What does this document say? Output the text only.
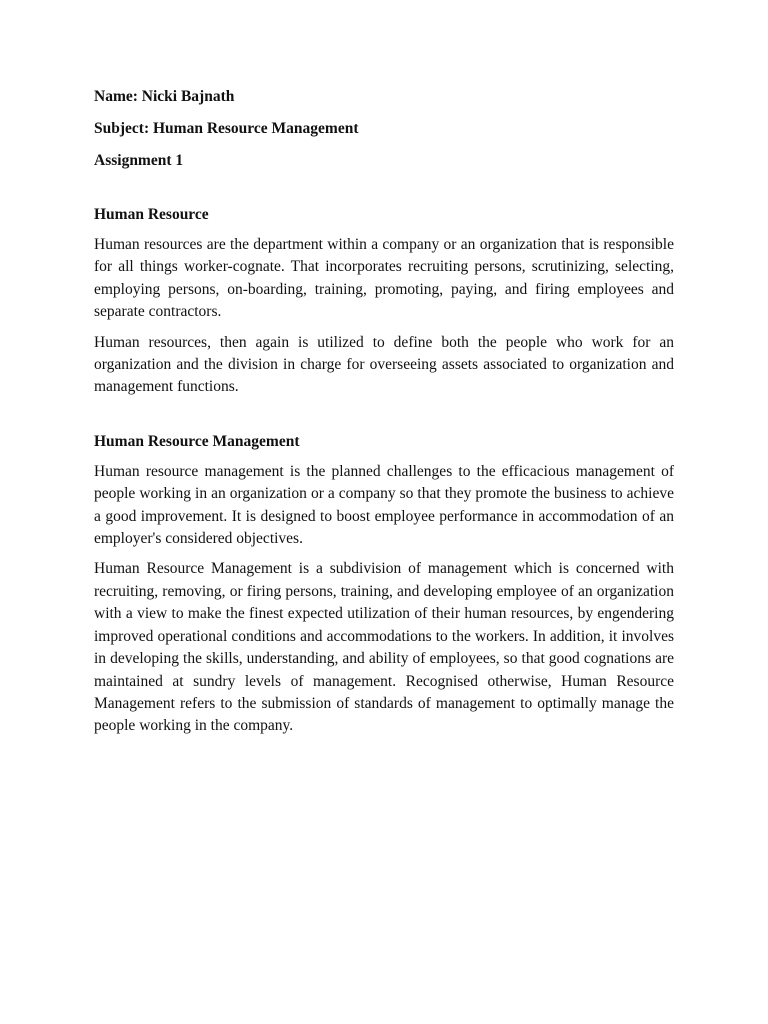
Name: Nicki Bajnath
Subject: Human Resource Management
Assignment 1
Human Resource

Human resources are the department within a company or an organization that is responsible for all things worker-cognate. That incorporates recruiting persons, scrutinizing, selecting, employing persons, on-boarding, training, promoting, paying, and firing employees and separate contractors.

Human resources, then again is utilized to define both the people who work for an organization and the division in charge for overseeing assets associated to organization and management functions.

Human Resource Management

Human resource management is the planned challenges to the efficacious management of people working in an organization or a company so that they promote the business to achieve a good improvement. It is designed to boost employee performance in accommodation of an employer's considered objectives.

Human Resource Management is a subdivision of management which is concerned with recruiting, removing, or firing persons, training, and developing employee of an organization with a view to make the finest expected utilization of their human resources, by engendering improved operational conditions and accommodations to the workers. In addition, it involves in developing the skills, understanding, and ability of employees, so that good cognations are maintained at sundry levels of management. Recognised otherwise, Human Resource Management refers to the submission of standards of management to optimally manage the people working in the company.
